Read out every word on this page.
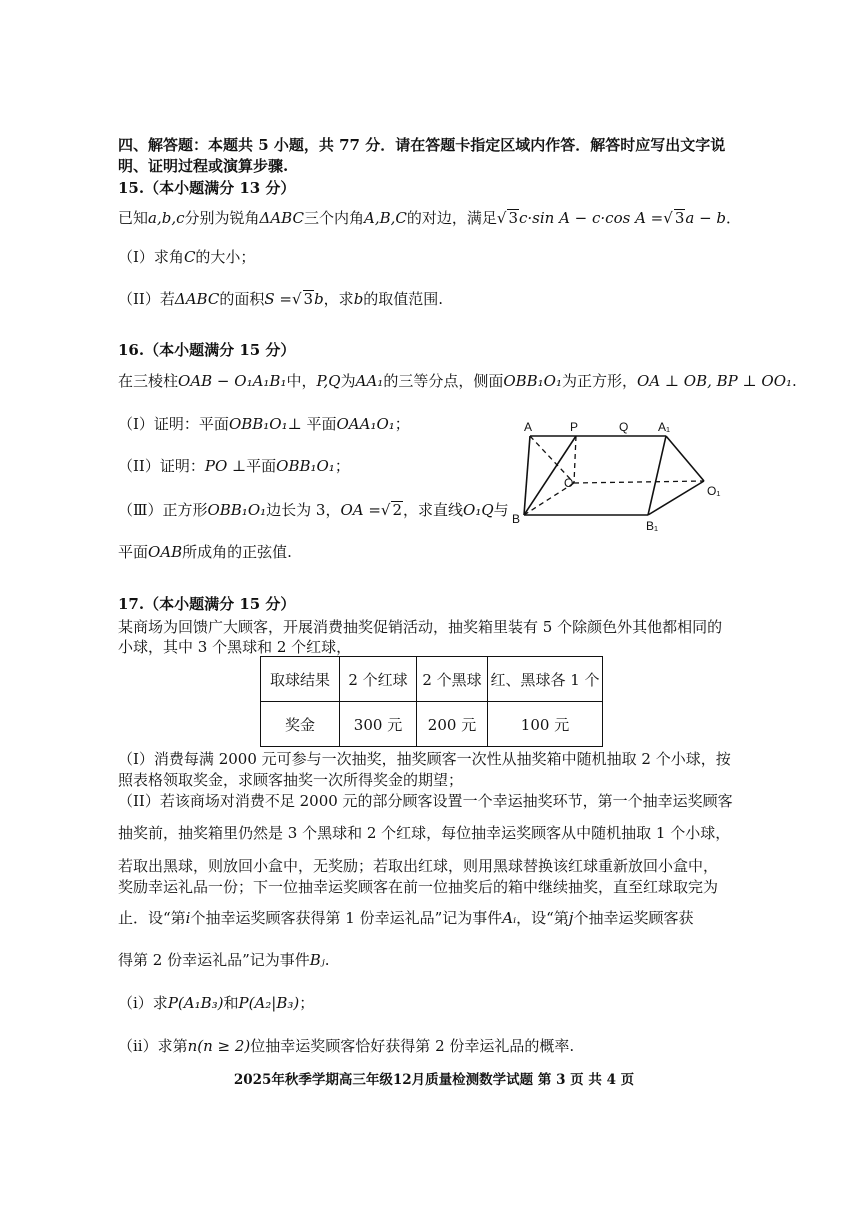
四、解答题：本题共 5 小题，共 77 分．请在答题卡指定区域内作答．解答时应写出文字说
明、证明过程或演算步骤.
15.（本小题满分 13 分）
已知a,b,c分别为锐角ΔABC三个内角A,B,C的对边，满足 √ 3c·sin A − c·cos A = √ 3a − b．
（I）求角C的大小；
（II）若ΔABC的面积S = √ 3b，求b的取值范围.
16.（本小题满分 15 分）
在三棱柱OAB − O₁A₁B₁中，P,Q为AA₁的三等分点，侧面OBB₁O₁为正方形，OA ⊥ OB, BP ⊥ OO₁.
（I）证明：平面OBB₁O₁⊥ 平面OAA₁O₁；
（II）证明：PO ⊥平面OBB₁O₁；
（Ⅲ）正方形OBB₁O₁边长为 3，OA = √ 2，求直线O₁Q与
平面OAB所成角的正弦值.
A	P	Q A₁
O
O₁
B	B₁
17.（本小题满分 15 分）
某商场为回馈广大顾客，开展消费抽奖促销活动，抽奖箱里装有 5 个除颜色外其他都相同的
小球，其中 3 个黑球和 2 个红球，
取球结果	2 个红球	2 个黑球	红、黑球各 1 个
奖金	300 元	200 元	100 元
（I）消费每满 2000 元可参与一次抽奖，抽奖顾客一次性从抽奖箱中随机抽取 2 个小球，按
照表格领取奖金，求顾客抽奖一次所得奖金的期望；
（II）若该商场对消费不足 2000 元的部分顾客设置一个幸运抽奖环节，第一个抽幸运奖顾客
抽奖前，抽奖箱里仍然是 3 个黑球和 2 个红球，每位抽幸运奖顾客从中随机抽取 1 个小球，
若取出黑球，则放回小盒中，无奖励；若取出红球，则用黑球替换该红球重新放回小盒中，
奖励幸运礼品一份；下一位抽幸运奖顾客在前一位抽奖后的箱中继续抽奖，直至红球取完为
止．设“第i个抽幸运奖顾客获得第 1 份幸运礼品”记为事件Aᵢ，设“第j个抽幸运奖顾客获
得第 2 份幸运礼品”记为事件Bⱼ.
（i）求P(A₁B₃)和P(A₂|B₃)；
（ii）求第n(n ≥ 2)位抽幸运奖顾客恰好获得第 2 份幸运礼品的概率.
2025年秋季学期高三年级12月质量检测数学试题 第 3 页 共 4 页
